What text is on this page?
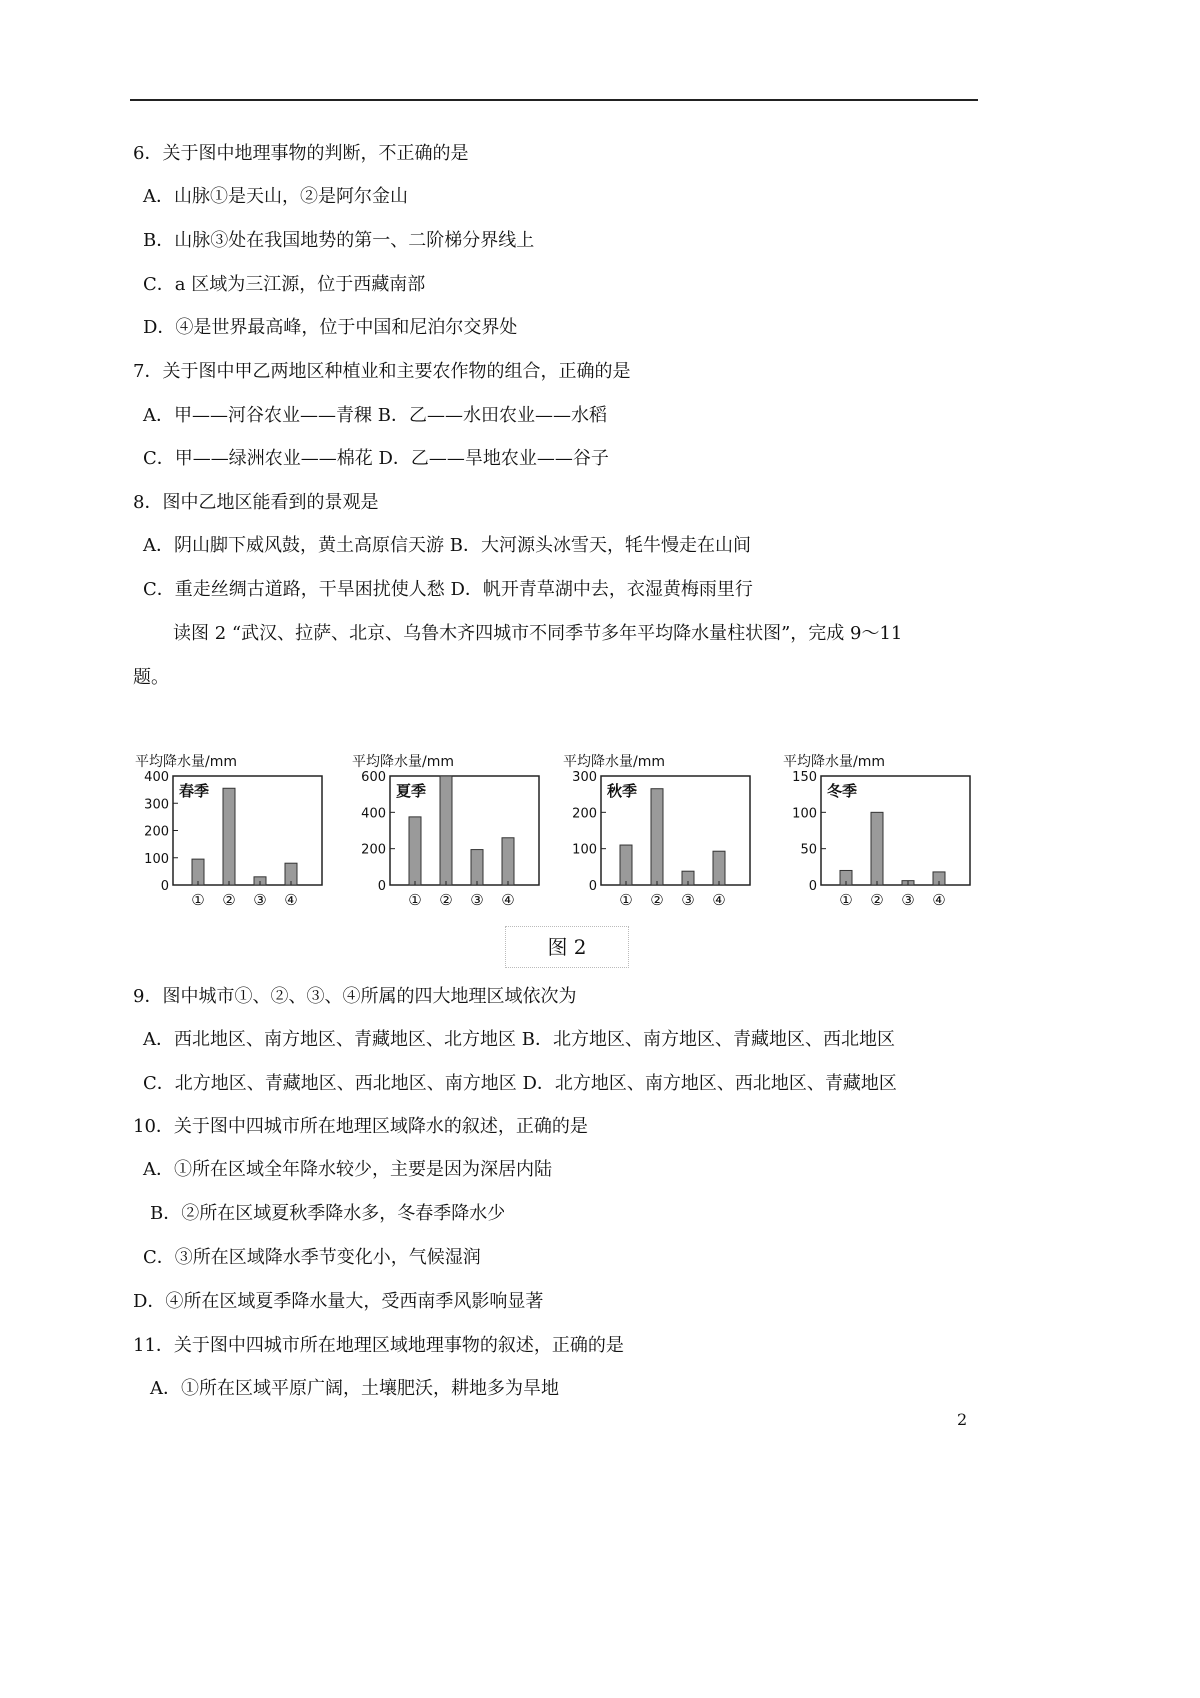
6．关于图中地理事物的判断，不正确的是
A．山脉①是天山，②是阿尔金山
B．山脉③处在我国地势的第一、二阶梯分界线上
C．a 区域为三江源，位于西藏南部
D．④是世界最高峰，位于中国和尼泊尔交界处
7．关于图中甲乙两地区种植业和主要农作物的组合，正确的是
A．甲——河谷农业——青稞 B．乙——水田农业——水稻
C．甲——绿洲农业——棉花 D．乙——旱地农业——谷子
8．图中乙地区能看到的景观是
A．阴山脚下威风鼓，黄土高原信天游 B．大河源头冰雪天，牦牛慢走在山间
C．重走丝绸古道路，干旱困扰使人愁 D．帆开青草湖中去，衣湿黄梅雨里行
读图 2 “武汉、拉萨、北京、乌鲁木齐四城市不同季节多年平均降水量柱状图”，完成 9～11
题。
平均降水量/mm
0
100
200
300
400
春季
① ② ③ ④
平均降水量/mm
0
200
400
600
夏季
① ② ③ ④
平均降水量/mm
0
100
200
300
秋季
① ② ③ ④
平均降水量/mm
0
50
100
150
冬季
① ② ③ ④
图 2
9．图中城市①、②、③、④所属的四大地理区域依次为
A．西北地区、南方地区、青藏地区、北方地区 B．北方地区、南方地区、青藏地区、西北地区
C．北方地区、青藏地区、西北地区、南方地区 D．北方地区、南方地区、西北地区、青藏地区
10．关于图中四城市所在地理区域降水的叙述，正确的是
A．①所在区域全年降水较少，主要是因为深居内陆
B．②所在区域夏秋季降水多，冬春季降水少
C．③所在区域降水季节变化小，气候湿润
D．④所在区域夏季降水量大，受西南季风影响显著
11．关于图中四城市所在地理区域地理事物的叙述，正确的是
A．①所在区域平原广阔，土壤肥沃，耕地多为旱地
2
